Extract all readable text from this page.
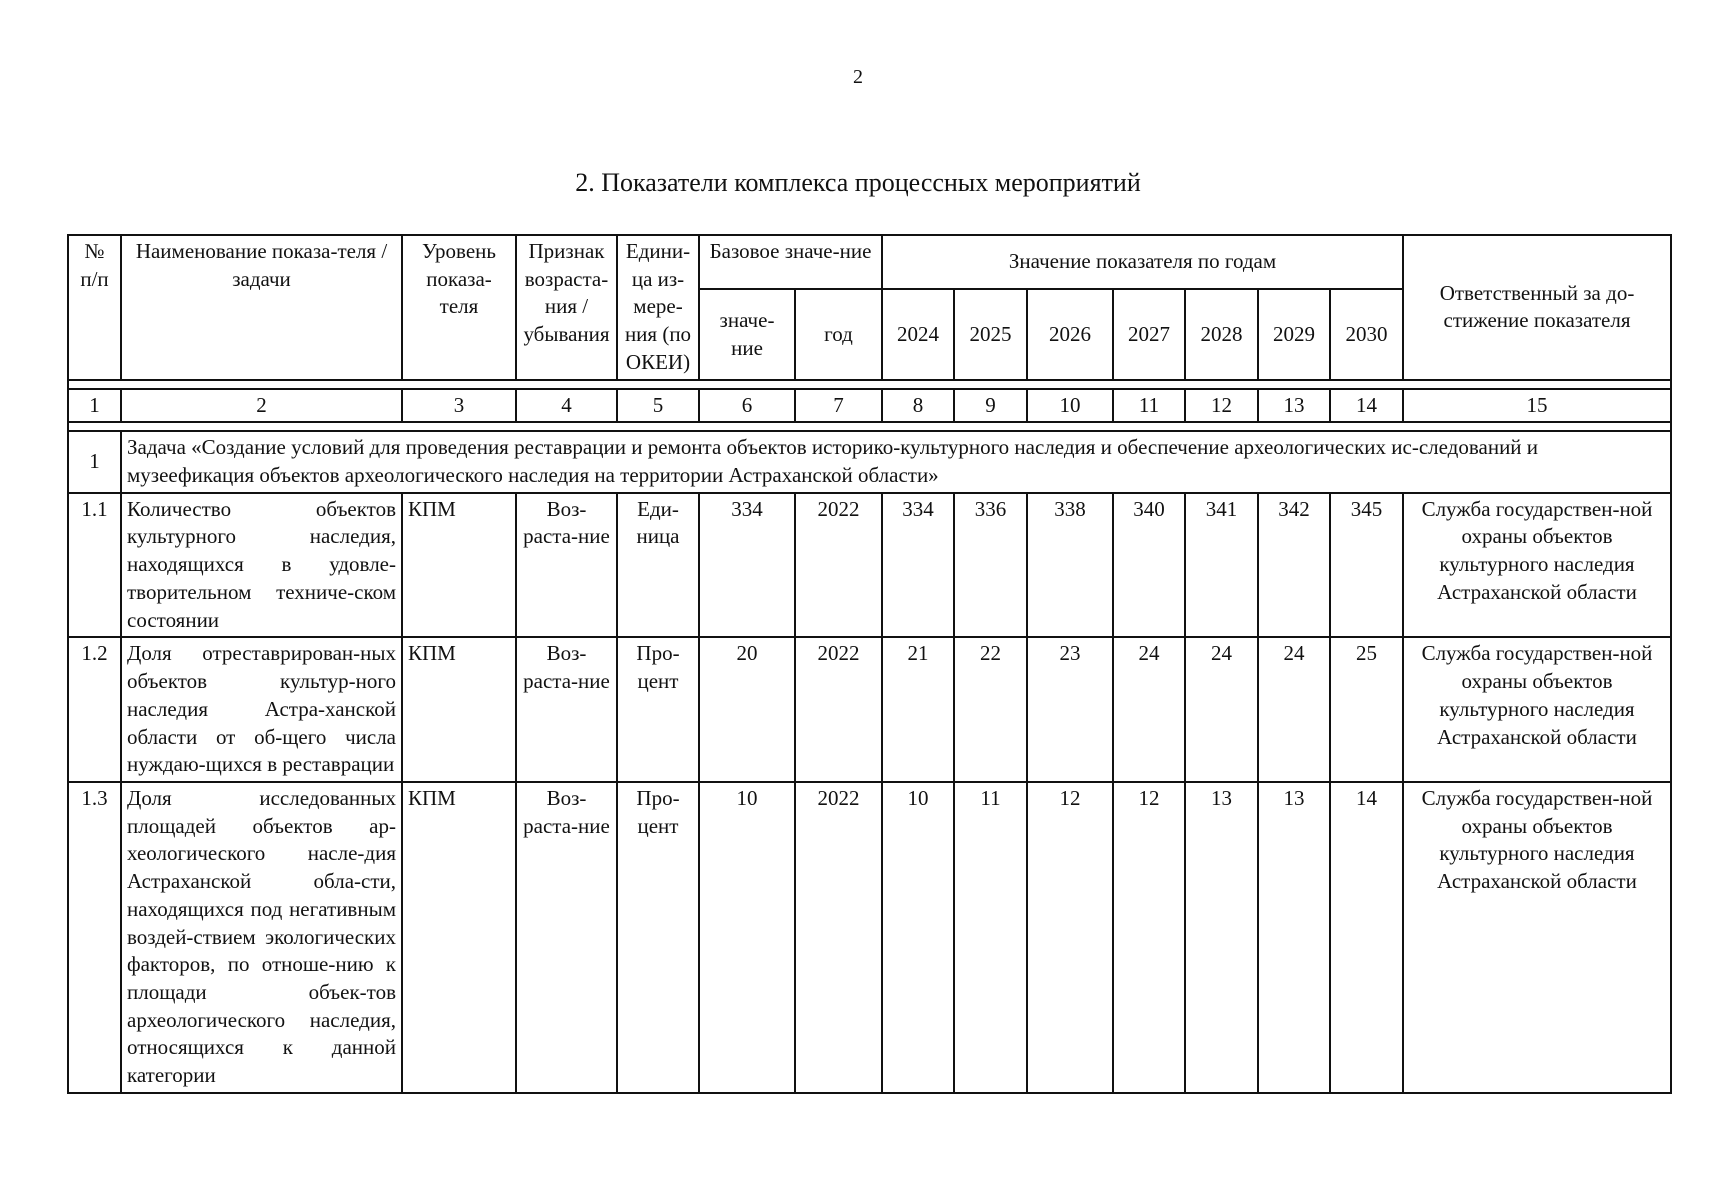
2
2. Показатели комплекса процессных мероприятий
№ п/п	Наименование показа-теля / задачи	Уровень показа-теля	Признак возраста-ния / убывания	Едини-ца из-мере-ния (по ОКЕИ)	Базовое значе-ние		Значение показателя по годам							Ответственный за до-стижение показателя
					значе-ние	год	2024	2025	2026	2027	2028	2029	2030	

1	2	3	4	5	6	7	8	9	10	11	12	13	14	15

1	Задача «Создание условий для проведения реставрации и ремонта объектов историко-культурного наследия и обеспечение археологических ис-следований и музеефикация объектов археологического наследия на территории Астраханской области»													
1.1	Количество объектов культурного наследия, находящихся в удовле-творительном техниче-ском состоянии	КПМ	Воз-раста-ние	Еди-ница	334	2022	334	336	338	340	341	342	345	Служба государствен-ной охраны объектов культурного наследия Астраханской области
1.2	Доля отреставрирован-ных объектов культур-ного наследия Астра-ханской области от об-щего числа нуждаю-щихся в реставрации	КПМ	Воз-раста-ние	Про-цент	20	2022	21	22	23	24	24	24	25	Служба государствен-ной охраны объектов культурного наследия Астраханской области
1.3	Доля исследованных площадей объектов ар-хеологического насле-дия Астраханской обла-сти, находящихся под негативным воздей-ствием экологических факторов, по отноше-нию к площади объек-тов археологического наследия, относящихся к данной категории	КПМ	Воз-раста-ние	Про-цент	10	2022	10	11	12	12	13	13	14	Служба государствен-ной охраны объектов культурного наследия Астраханской области
